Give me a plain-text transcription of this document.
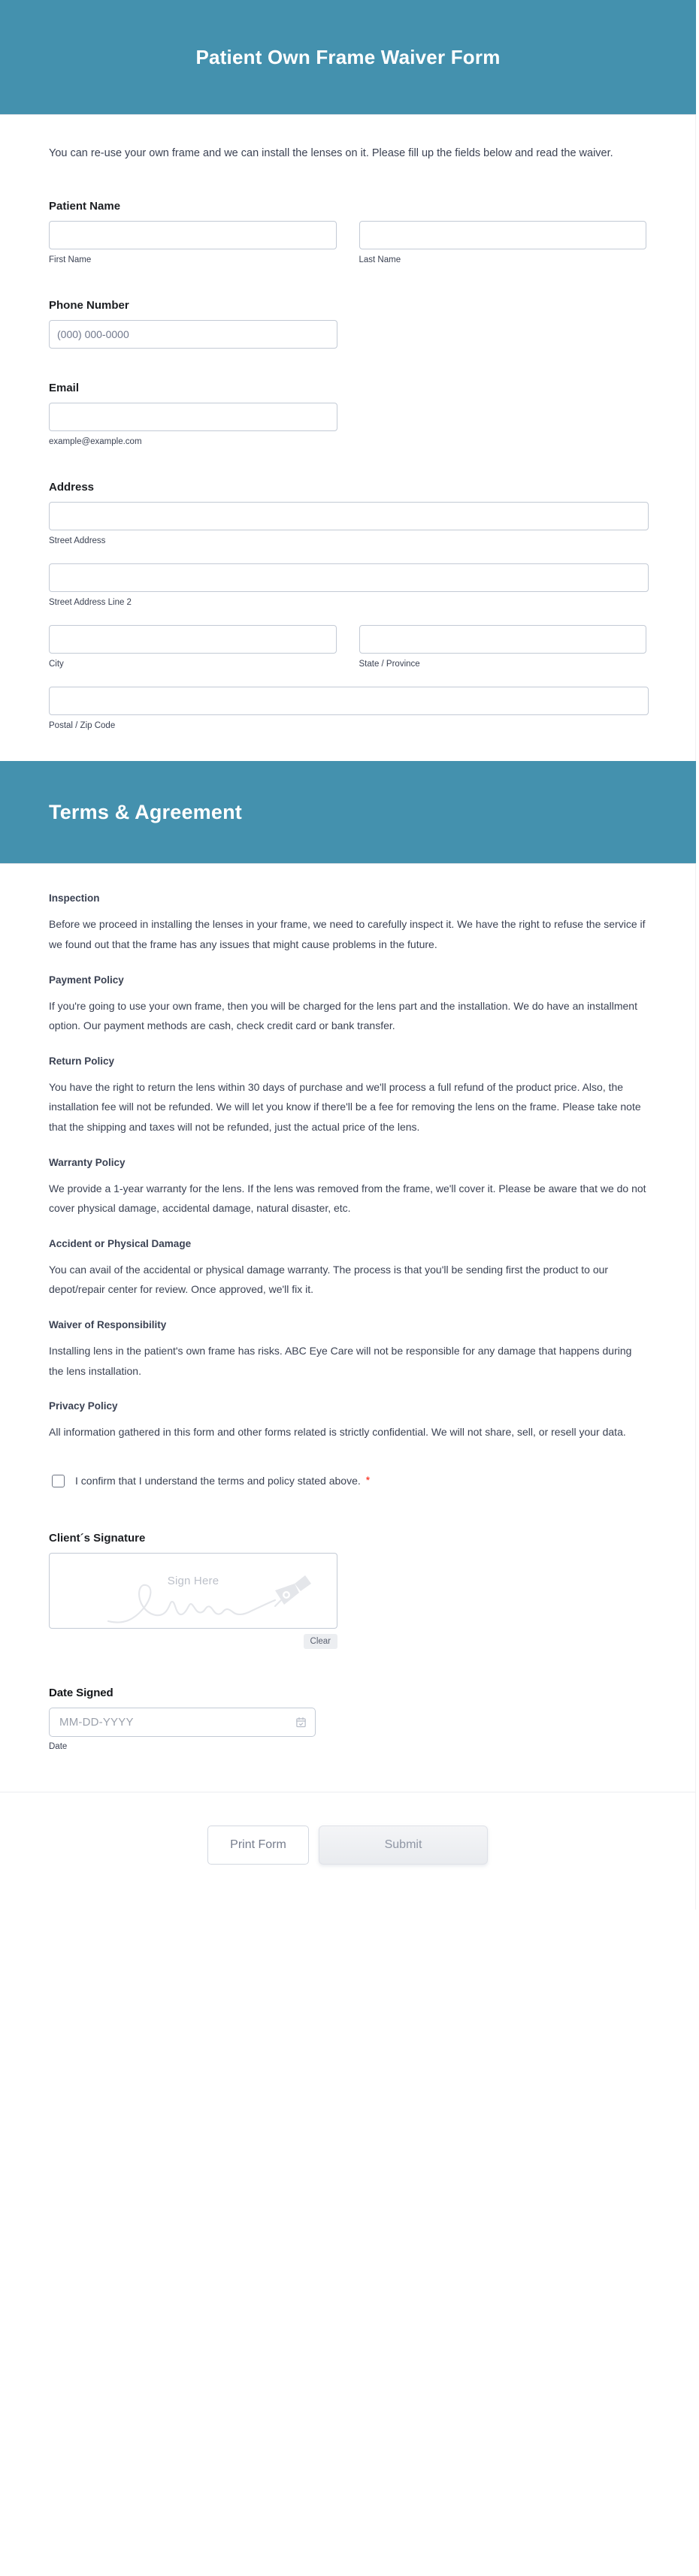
Patient Own Frame Waiver Form

You can re-use your own frame and we can install the lenses on it. Please fill up the fields below and read the waiver.

Patient Name
First Name	Last Name
Phone Number
(000) 000-0000
Email
example@example.com
Address
Street Address
Street Address Line 2
City	State / Province
Postal / Zip Code
Terms & Agreement
Inspection

Before we proceed in installing the lenses in your frame, we need to carefully inspect it. We have the right to refuse the service if we found out that the frame has any issues that might cause problems in the future.

Payment Policy

If you're going to use your own frame, then you will be charged for the lens part and the installation. We do have an installment option. Our payment methods are cash, check credit card or bank transfer.

Return Policy

You have the right to return the lens within 30 days of purchase and we'll process a full refund of the product price. Also, the installation fee will not be refunded. We will let you know if there'll be a fee for removing the lens on the frame. Please take note that the shipping and taxes will not be refunded, just the actual price of the lens.

Warranty Policy

We provide a 1-year warranty for the lens. If the lens was removed from the frame, we'll cover it. Please be aware that we do not cover physical damage, accidental damage, natural disaster, etc.

Accident or Physical Damage

You can avail of the accidental or physical damage warranty. The process is that you'll be sending first the product to our depot/repair center for review. Once approved, we'll fix it.

Waiver of Responsibility

Installing lens in the patient's own frame has risks. ABC Eye Care will not be responsible for any damage that happens during the lens installation.

Privacy Policy

All information gathered in this form and other forms related is strictly confidential. We will not share, sell, or resell your data.

I confirm that I understand the terms and policy stated above. *
Client´s Signature
Sign Here
Clear
Date Signed
MM-DD-YYYY
Date
Print Form	Submit
